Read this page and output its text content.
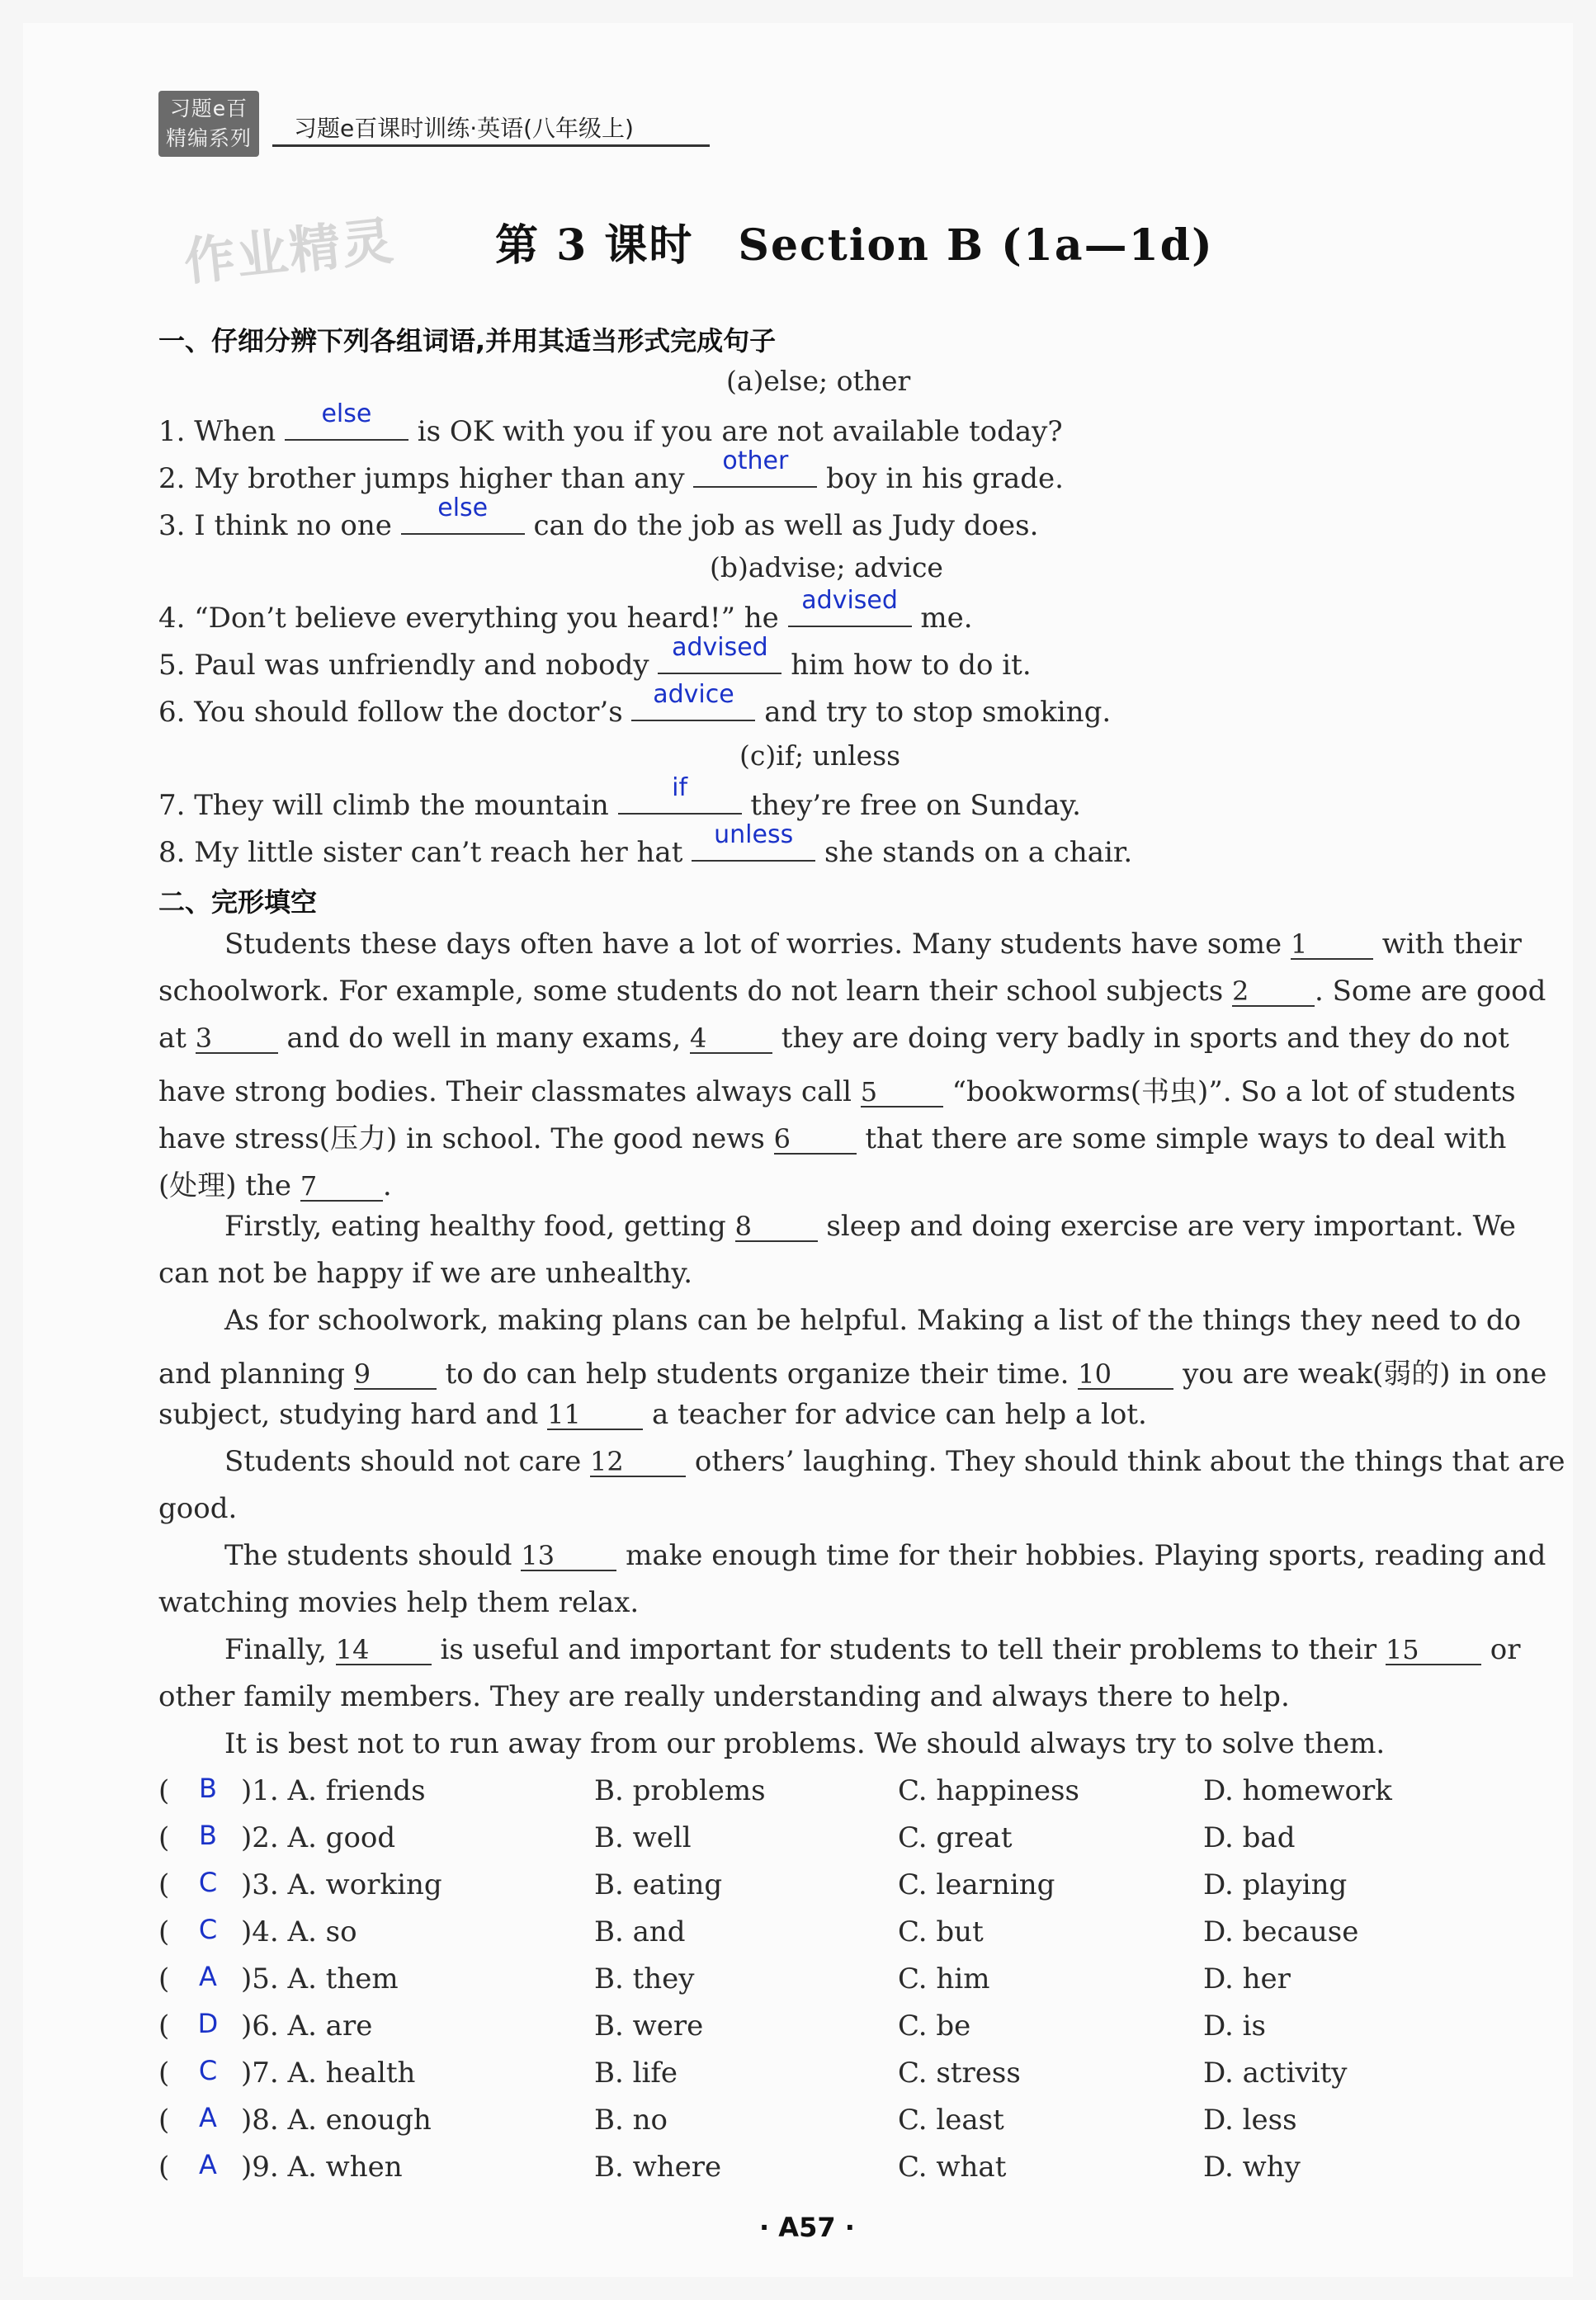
习题e百
精编系列	习题e百课时训练·英语(八年级上)
作业精灵 第 3 课时　Section B (1a—1d)
一、仔细分辨下列各组词语,并用其适当形式完成句子
(a)else; other
1. When
else
is OK with you if you are not available today?
2. My brother jumps higher than any
other
boy in his grade.
3. I think no one
else
can do the job as well as Judy does.
(b)advise; advice
4. “Don’t believe everything you heard!” he
advised
me.
5. Paul was unfriendly and nobody
advised
him how to do it.
6. You should follow the doctor’s
advice
and try to stop smoking.
(c)if; unless
7. They will climb the mountain
if
they’re free on Sunday.
8. My little sister can’t reach her hat
unless
she stands on a chair.
二、完形填空
Students these days often have a lot of worries. Many students have some 1 with their
schoolwork. For example, some students do not learn their school subjects 2 . Some are good
at 3 and do well in many exams, 4 they are doing very badly in sports and they do not
have strong bodies. Their classmates always call 5 “bookworms(书虫)”. So a lot of students
have stress(压力) in school. The good news 6 that there are some simple ways to deal with
(处理) the 7 .
Firstly, eating healthy food, getting 8 sleep and doing exercise are very important. We
can not be happy if we are unhealthy.
As for schoolwork, making plans can be helpful. Making a list of the things they need to do
and planning 9 to do can help students organize their time. 10 you are weak(弱的) in one
subject, studying hard and 11 a teacher for advice can help a lot.
Students should not care 12 others’ laughing. They should think about the things that are
good.
The students should 13 make enough time for their hobbies. Playing sports, reading and
watching movies help them relax.
Finally, 14 is useful and important for students to tell their problems to their 15 or
other family members. They are really understanding and always there to help.
It is best not to run away from our problems. We should always try to solve them.
( B )1. A. friends	B. problems	C. happiness	D. homework
( B )2. A. good	B. well	C. great	D. bad
( C )3. A. working	B. eating	C. learning	D. playing
( C )4. A. so	B. and	C. but	D. because
( A )5. A. them	B. they	C. him	D. her
( D )6. A. are	B. were	C. be	D. is
( C )7. A. health	B. life	C. stress	D. activity
( A )8. A. enough	B. no	C. least	D. less
( A )9. A. when	B. where	C. what	D. why
· A57 ·
